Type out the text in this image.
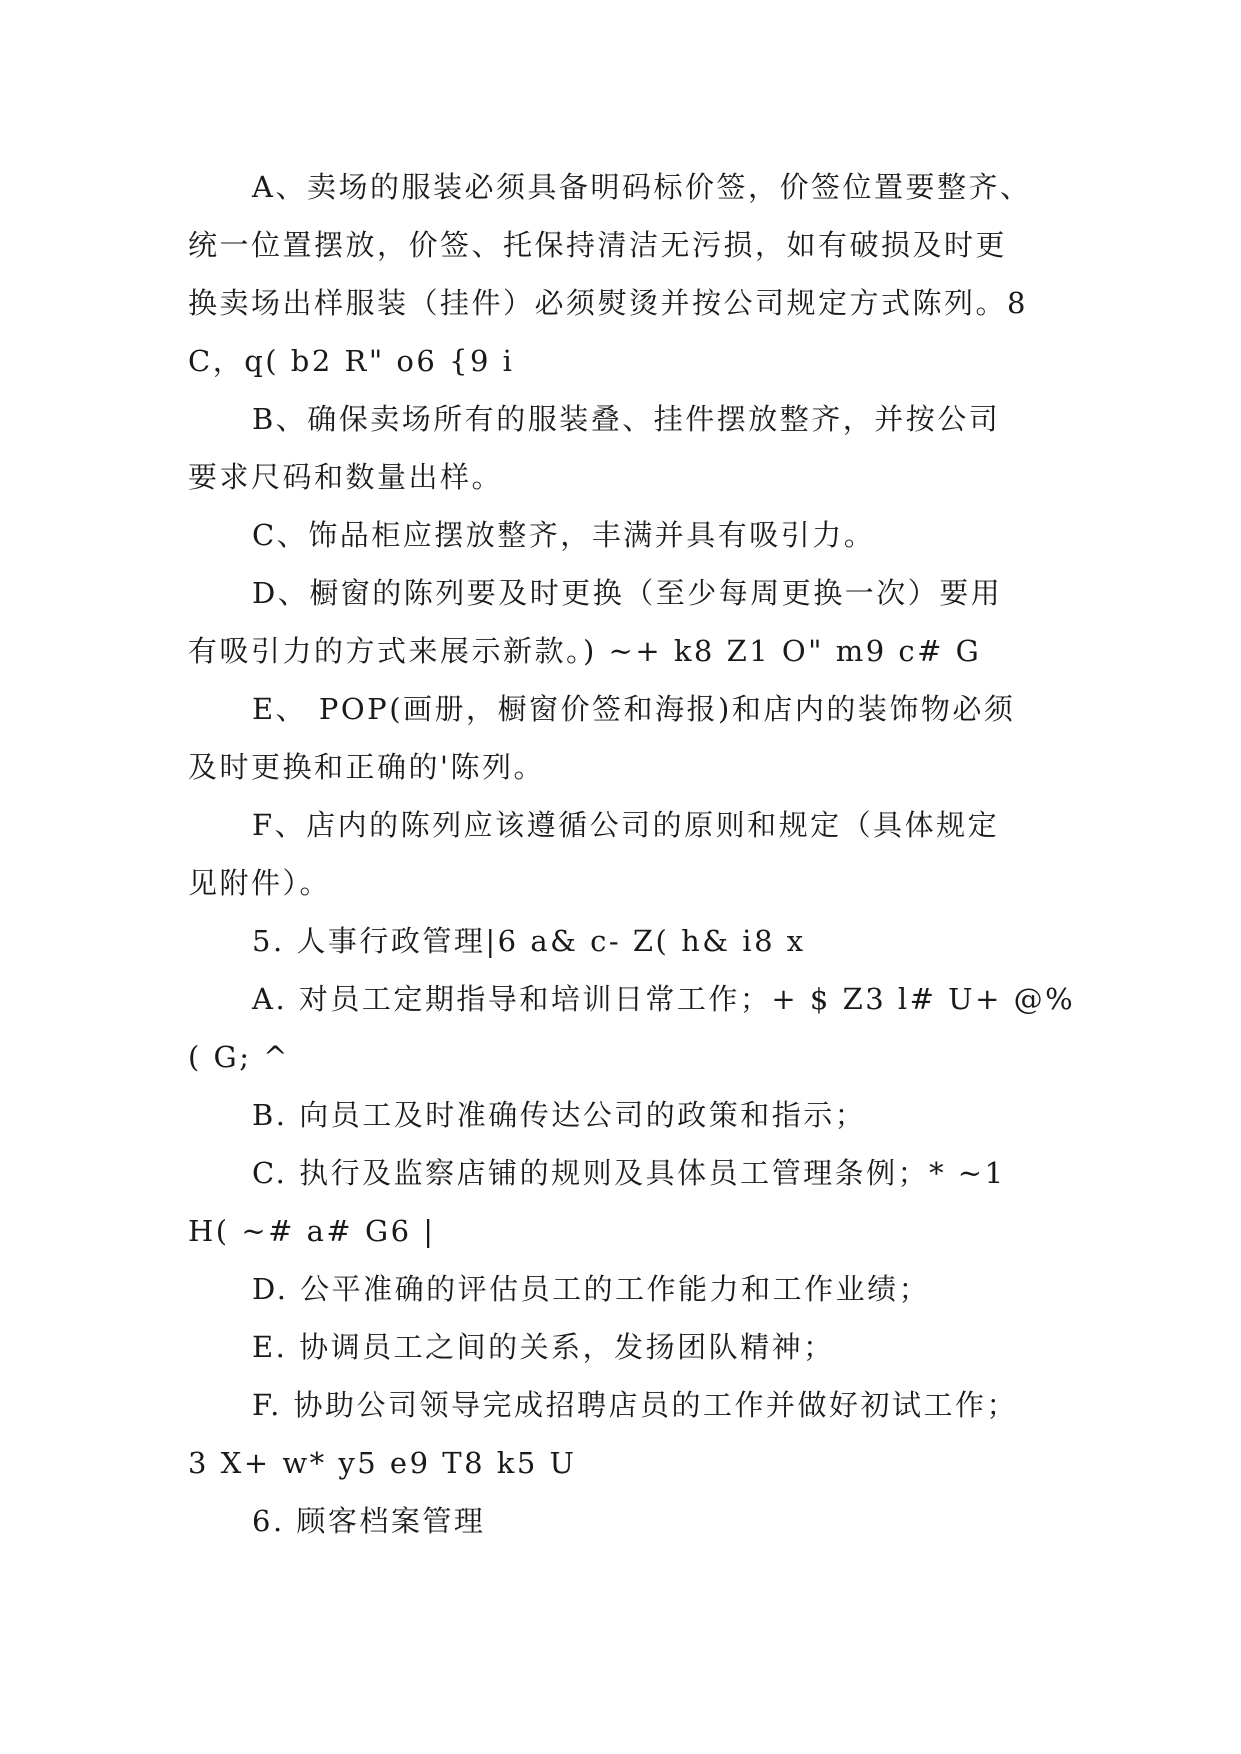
A、卖场的服装必须具备明码标价签，价签位置要整齐、
统一位置摆放，价签、托保持清洁无污损，如有破损及时更
换卖场出样服装（挂件）必须熨烫并按公司规定方式陈列。8
C，q( b2 R" o6 {9 i
B、确保卖场所有的服装叠、挂件摆放整齐，并按公司
要求尺码和数量出样。
C、饰品柜应摆放整齐，丰满并具有吸引力。
D、橱窗的陈列要及时更换（至少每周更换一次）要用
有吸引力的方式来展示新款。) ~+ k8 Z1 O" m9 c# G
E、 POP(画册，橱窗价签和海报)和店内的装饰物必须
及时更换和正确的'陈列。
F、店内的陈列应该遵循公司的原则和规定（具体规定
见附件）。
5. 人事行政管理|6 a& c- Z( h& i8 x
A. 对员工定期指导和培训日常工作；+ $ Z3 l# U+ @%
( G; ^
B. 向员工及时准确传达公司的政策和指示；
C. 执行及监察店铺的规则及具体员工管理条例；* ~1
H( ~# a# G6 |
D. 公平准确的评估员工的工作能力和工作业绩；
E. 协调员工之间的关系，发扬团队精神；
F. 协助公司领导完成招聘店员的工作并做好初试工作；
3 X+ w* y5 e9 T8 k5 U
6. 顾客档案管理
